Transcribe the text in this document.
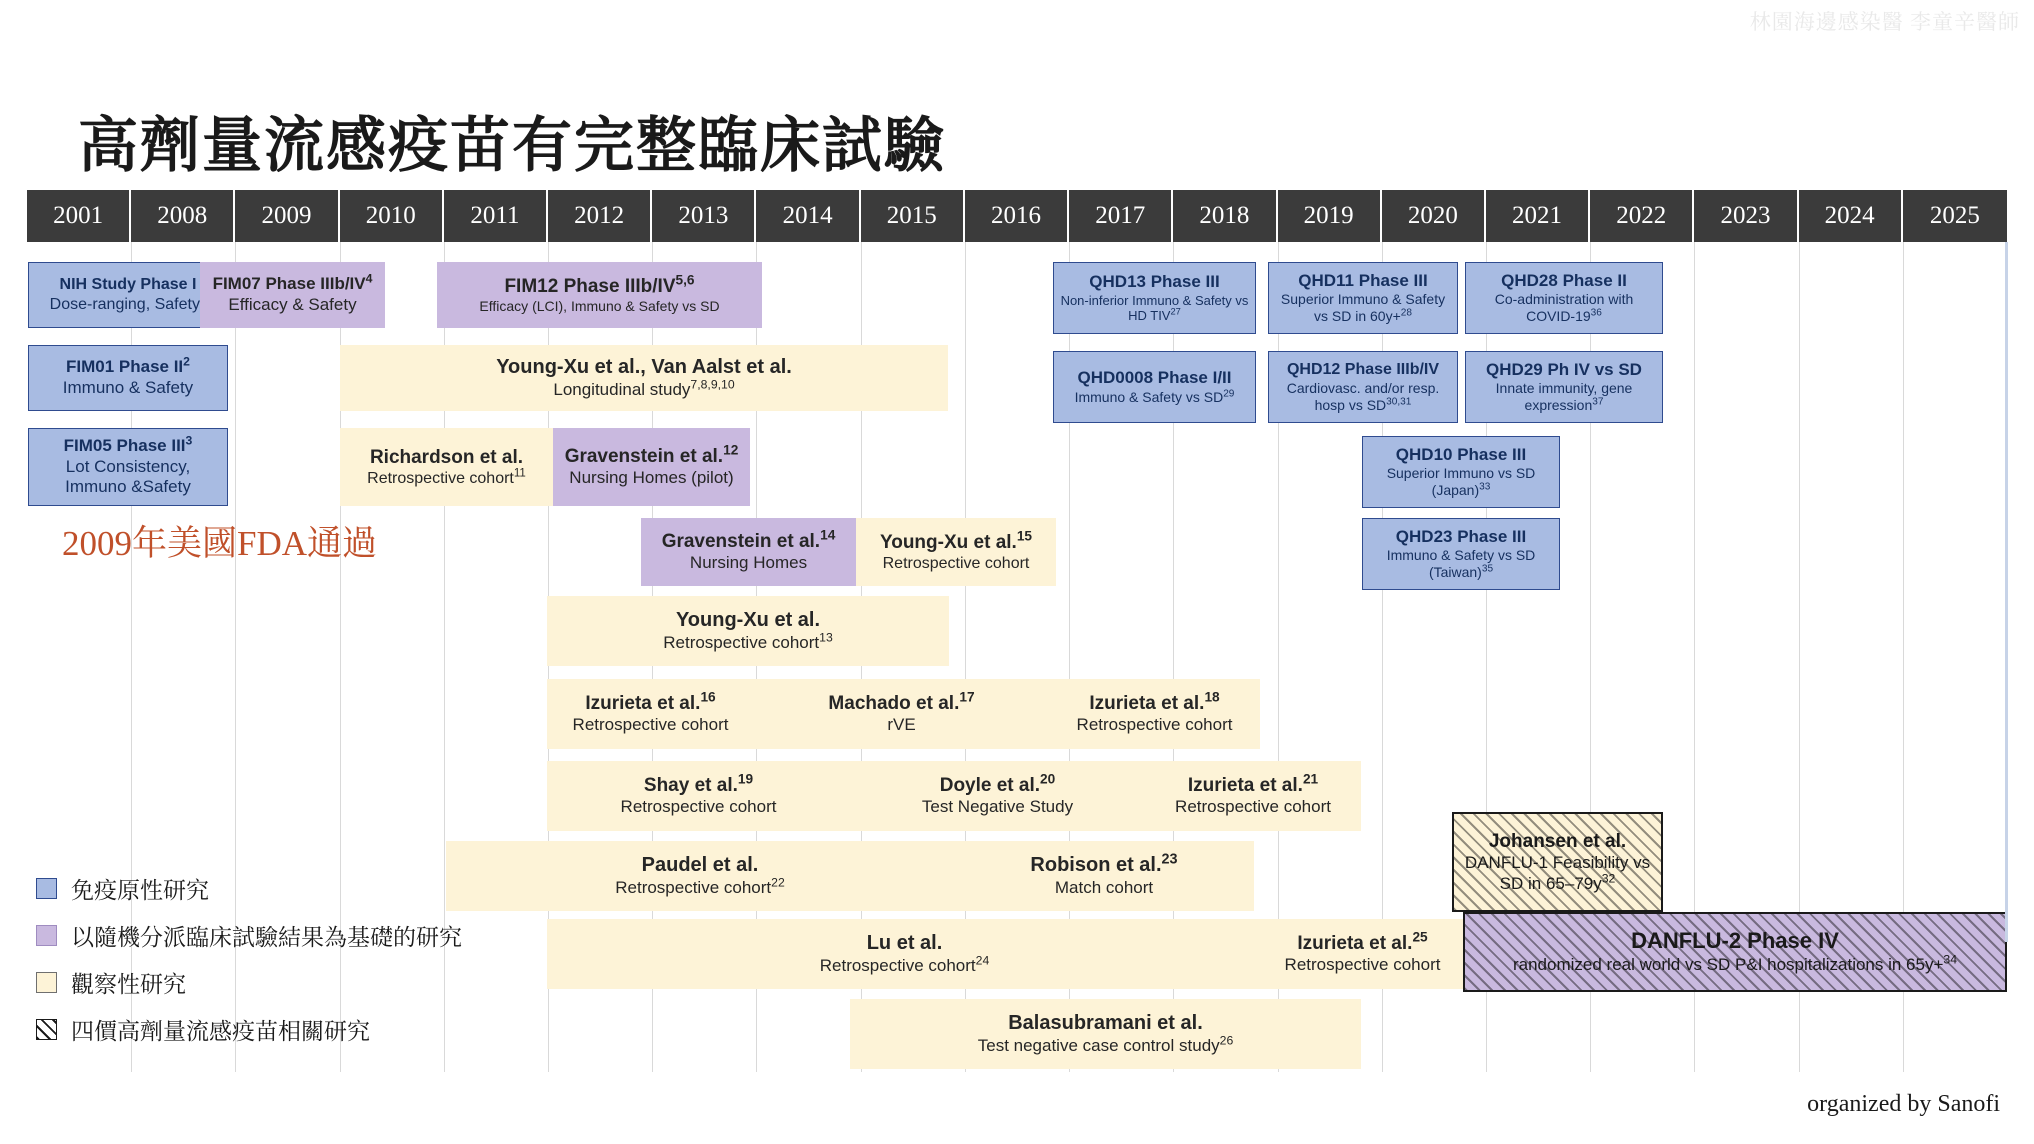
林園海邊感染醫 李童辛醫師
高劑量流感疫苗有完整臨床試驗
2001	2008	2009	2010	2011	2012	2013	2014	2015	2016	2017	2018	2019	2020	2021	2022	2023	2024	2025
NIH Study Phase I
Dose-ranging, Safety
FIM07 Phase IIIb/$IV^4$
Efficacy & Safety
FIM12 Phase IIIb/IV$^{5,6}$
Efficacy (LCI), Immuno & Safety vs SD
QHD13 Phase III
Non-inferior Immuno & Safety vs HD TIV$^{27}$
QHD11 Phase III
Superior Immuno & Safety vs SD in 60y+$^{28}$
QHD28 Phase II
Co-administration with COVID-$19^{36}$
FIM01 Phase $II^2$
Immuno & Safety
Young-Xu et al., Van Aalst et al.
Longitudinal study$^{7,8,9,10}$	QHD0008 Phase I/II
Immuno & Safety vs SD$^{29}$
QHD12 Phase IIIb/IV
Cardiovasc. and/or resp. hosp vs SD$^{30,31}$
QHD29 Ph IV vs SD
Innate immunity, gene expression$^{37}$
FIM05 Phase III$^3$
Lot Consistency, Immuno &Safety
Richardson et al.
Retrospective cohort$^{11}$
Gravenstein et al.$^{12}$
Nursing Homes (pilot)
QHD10 Phase III
Superior Immuno vs SD (Japan)$^{33}$
Gravenstein et al.$^{14}$
Nursing Homes
Young-Xu et al.$^{15}$
Retrospective cohort
QHD23 Phase III
Immuno & Safety vs SD (Taiwan)$^{35}$
Young-Xu et al.
Retrospective cohort$^{13}$
Izurieta et al.$^{16}$
Retrospective cohort
Machado et al.$^{17}$
rVE
Izurieta et al.$^{18}$
Retrospective cohort
Shay et al.$^{19}$
Retrospective cohort
Doyle et al.$^{20}$
Test Negative Study
Izurieta et al.$^{21}$
Retrospective cohort
Paudel et al.
Retrospective cohort$^{22}$
Robison et al.$^{23}$
Match cohort
Johansen et al.
DANFLU-1 Feasibility vs SD in $65-79y^{32}$
Lu et al.
Retrospective cohort$^{24}$
Izurieta et al.$^{25}$
Retrospective cohort
DANFLU-2 Phase IV
randomized real world vs SD P&I hospitalizations in 65y+$^{34}$
Balasubramani et al.
Test negative case control study$^{26}$
2009年美國FDA通過
免疫原性研究
以隨機分派臨床試驗結果為基礎的研究
觀察性研究
四價高劑量流感疫苗相關研究
organized by Sanofi
